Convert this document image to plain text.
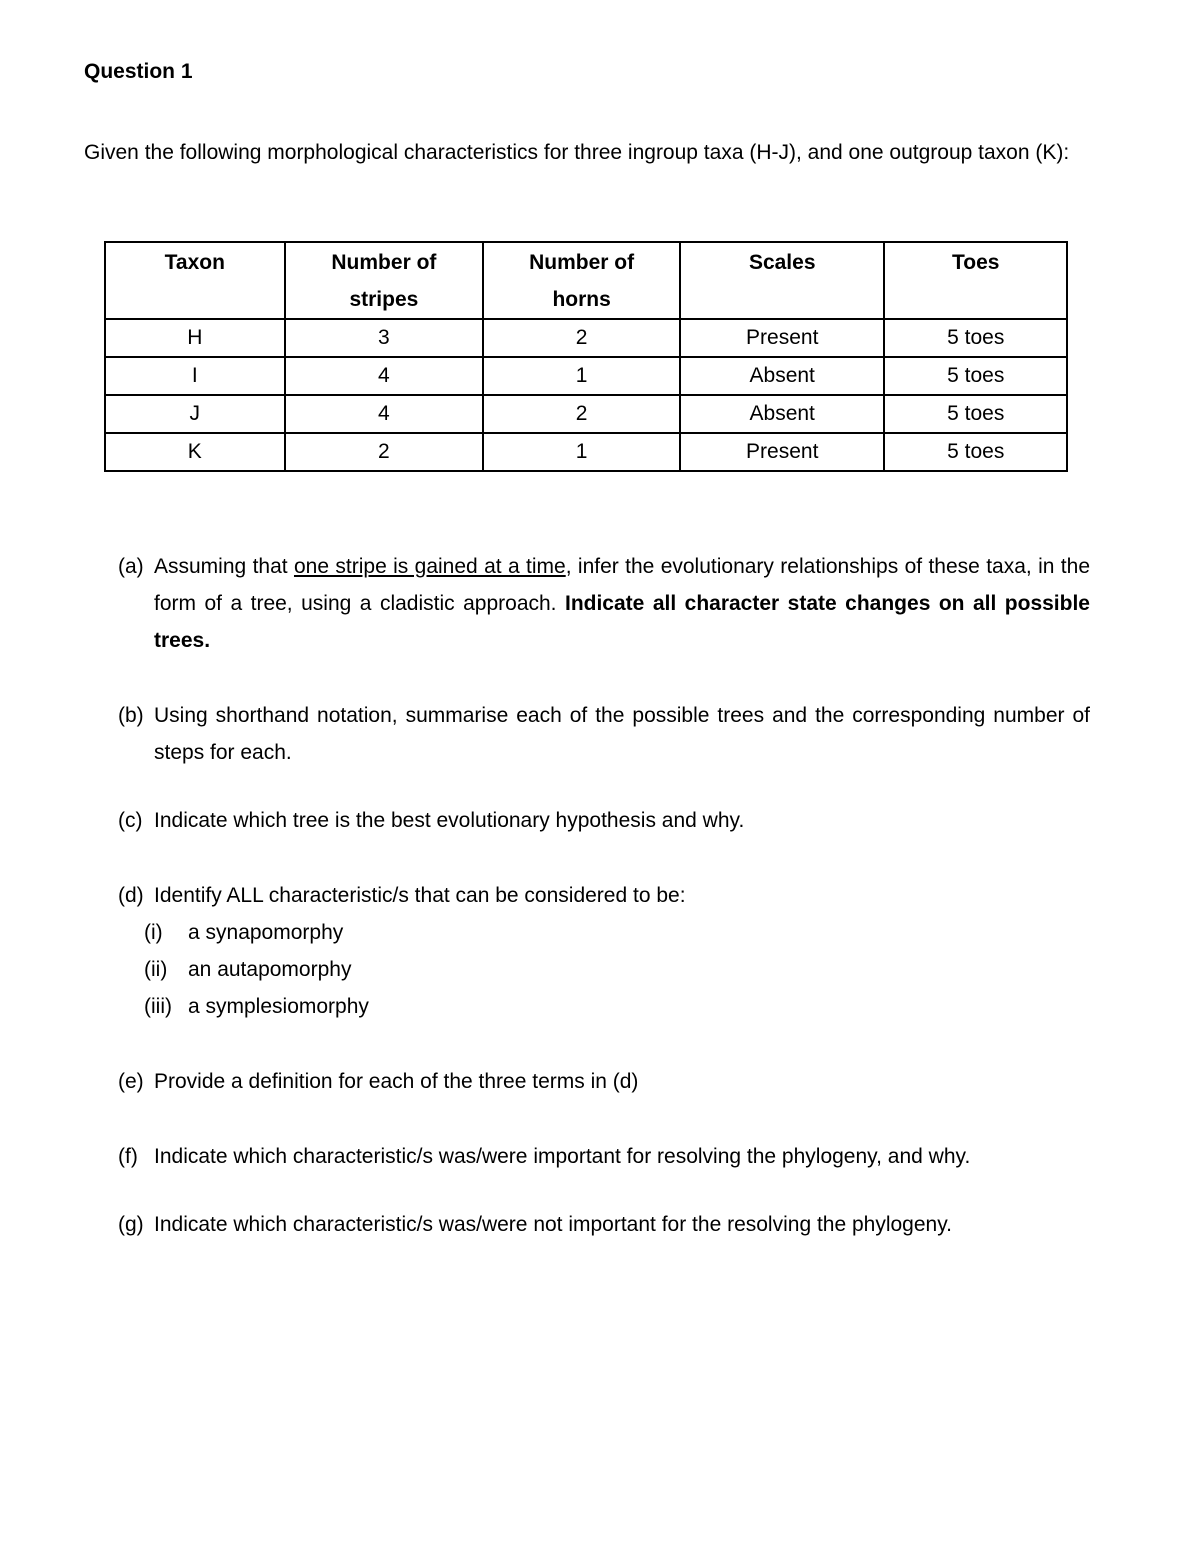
Question 1
Given the following morphological characteristics for three ingroup taxa (H-J), and one outgroup taxon (K):
Taxon	Number of stripes	Number of horns	Scales	Toes
H	3	2	Present	5 toes
I	4	1	Absent	5 toes
J	4	2	Absent	5 toes
K	2	1	Present	5 toes
(a) Assuming that one stripe is gained at a time, infer the evolutionary relationships of these taxa, in the form of a tree, using a cladistic approach. Indicate all character state changes on all possible trees.
(b) Using shorthand notation, summarise each of the possible trees and the corresponding number of steps for each.
(c) Indicate which tree is the best evolutionary hypothesis and why.
(d) Identify ALL characteristic/s that can be considered to be:
(i) a synapomorphy
(ii) an autapomorphy
(iii) a symplesiomorphy
(e) Provide a definition for each of the three terms in (d)
(f) Indicate which characteristic/s was/were important for resolving the phylogeny, and why.
(g) Indicate which characteristic/s was/were not important for the resolving the phylogeny.
